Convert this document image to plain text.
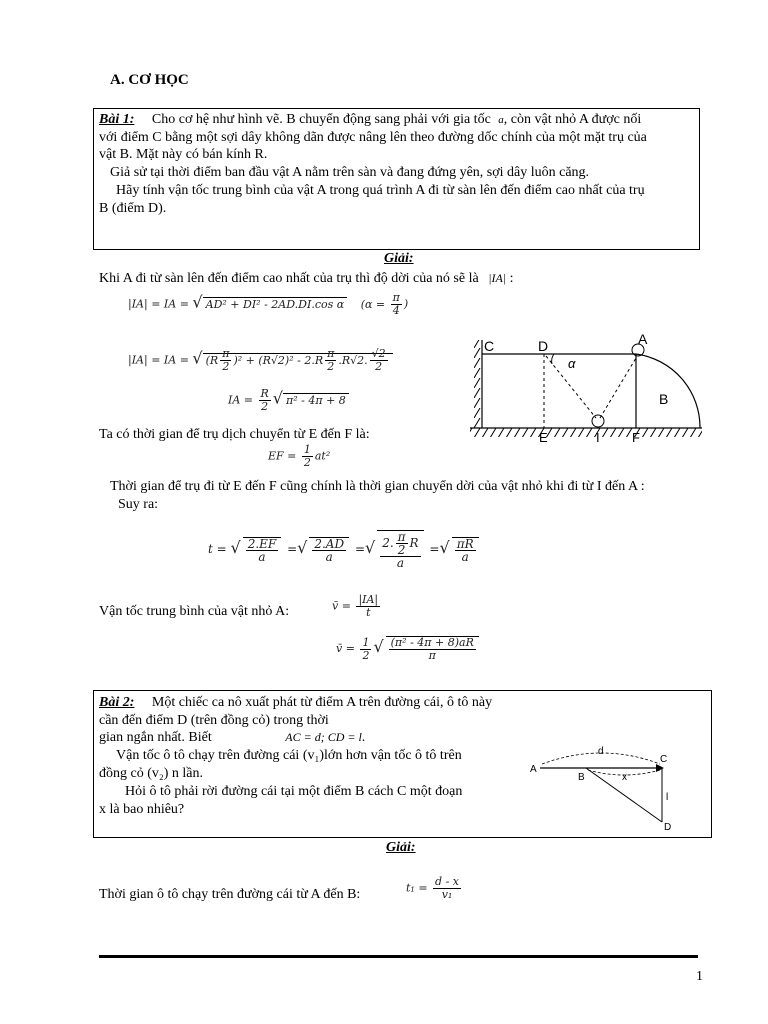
A. CƠ HỌC
Bài 1: Cho cơ hệ như hình vẽ. B chuyển động sang phải với gia tốc a, còn vật nhỏ A được nối
với điểm C bằng một sợi dây không dãn được nâng lên theo đường dốc chính của một mặt trụ của
vật B. Mặt này có bán kính R.
Giả sử tại thời điểm ban đầu vật A nằm trên sàn và đang đứng yên, sợi dây luôn căng.
Hãy tính vận tốc trung bình của vật A trong quá trình A đi từ sàn lên đến điểm cao nhất của trụ
B (điểm D).
Giải:
Khi A đi từ sàn lên đến điểm cao nhất của trụ thì độ dời của nó sẽ là |IA| :
|IA| = IA = √ AD² + DI² - 2AD.DI.cos α ($\alpha = \frac{\pi}{4}$ )
|IA| = IA = √ $(R \frac{\pi}{2} )^2 + (R√2)^2 - 2.R \frac{\pi}{2} .R√2$. $\frac{√2}{2}$
IA = $\frac{R}{2}$ √ π² - 4π + 8
C	D
α
A
B
E	I F
Ta có thời gian để trụ dịch chuyển từ E đến F là:
EF = $\frac{1}{2} at^2$
Thời gian để trụ đi từ E đến F cũng chính là thời gian chuyển dời của vật nhỏ khi đi từ I đến A :
Suy ra:
t = √ $\frac{2.EF}{a}$ =√ $\frac{2.AD}{a}$ =√ $\frac{2. \frac{\pi}{2} R}{a}$ =√ $\frac{\pi R}{a}$
Vận tốc trung bình của vật nhỏ A:	v̄ = $\frac{|IA|}{t}$
v̄ = $\frac{1}{2}$ √ $\frac{\text{(π² - 4π + 8)aR}}{\pi}$
Bài 2: Một chiếc ca nô xuất phát từ điểm A trên đường cái, ô tô này
cần đến điểm D (trên đồng cỏ) trong thời
gian ngắn nhất. Biết	AC = d; CD = l.
Vận tốc ô tô chạy trên đường cái (v₁)lớn hơn vận tốc ô tô trên
đồng cỏ (v₂) n lần.
Hỏi ô tô phải rời đường cái tại một điểm B cách C một đoạn
x là bao nhiêu?
A
B
C
D
d
x
l
Giải:
Thời gian ô tô chạy trên đường cái từ A đến B:	$t_1 = \frac{d - x}{\text{v₁}}$
1
